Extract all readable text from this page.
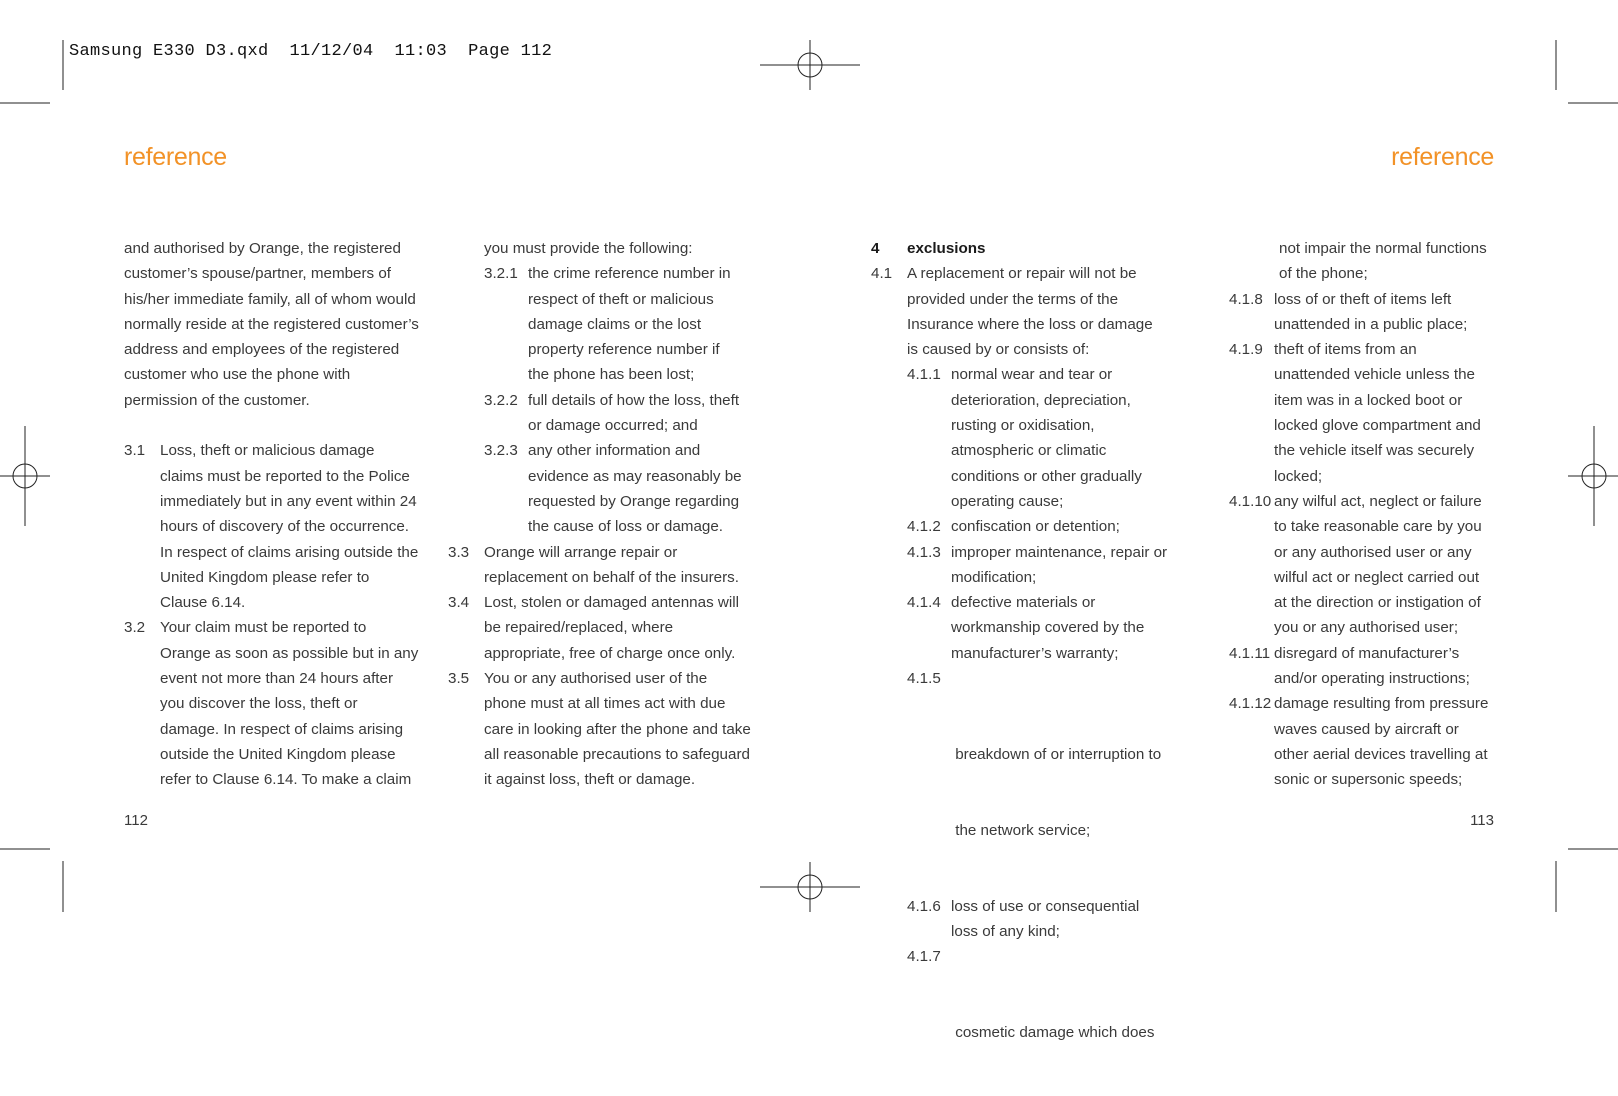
Samsung E330 D3.qxd  11/12/04  11:03  Page 112
reference	reference
112	113
and authorised by Orange, the registered
customer’s spouse/partner, members of
his/her immediate family, all of whom would
normally reside at the registered customer’s
address and employees of the registered
customer who use the phone with
permission of the customer.
3.1 Loss, theft or malicious damage
claims must be reported to the Police
immediately but in any event within 24
hours of discovery of the occurrence.
In respect of claims arising outside the
United Kingdom please refer to
Clause 6.14.
3.2 Your claim must be reported to
Orange as soon as possible but in any
event not more than 24 hours after
you discover the loss, theft or
damage. In respect of claims arising
outside the United Kingdom please
refer to Clause 6.14. To make a claim
you must provide the following:
3.2.1 the crime reference number in
respect of theft or malicious
damage claims or the lost
property reference number if
the phone has been lost;
3.2.2 full details of how the loss, theft
or damage occurred; and
3.2.3 any other information and
evidence as may reasonably be
requested by Orange regarding
the cause of loss or damage.
3.3 Orange will arrange repair or
replacement on behalf of the insurers.
3.4 Lost, stolen or damaged antennas will
be repaired/replaced, where
appropriate, free of charge once only.
3.5 You or any authorised user of the
phone must at all times act with due
care in looking after the phone and take
all reasonable precautions to safeguard
it against loss, theft or damage.
4 exclusions
4.1 A replacement or repair will not be
provided under the terms of the
Insurance where the loss or damage
is caused by or consists of:
4.1.1 normal wear and tear or
deterioration, depreciation,
rusting or oxidisation,
atmospheric or climatic
conditions or other gradually
operating cause;
4.1.2 confiscation or detention;
4.1.3 improper maintenance, repair or
modification;
4.1.4 defective materials or
workmanship covered by the
manufacturer’s warranty;

4.1.5

breakdown of or interruption to

the network service;

4.1.6 loss of use or consequential
loss of any kind;

4.1.7

cosmetic damage which does

not impair the normal functions
of the phone;
4.1.8 loss of or theft of items left
unattended in a public place;
4.1.9 theft of items from an
unattended vehicle unless the
item was in a locked boot or
locked glove compartment and
the vehicle itself was securely
locked;
4.1.10 any wilful act, neglect or failure
to take reasonable care by you
or any authorised user or any
wilful act or neglect carried out
at the direction or instigation of
you or any authorised user;
4.1.11 disregard of manufacturer’s
and/or operating instructions;
4.1.12 damage resulting from pressure
waves caused by aircraft or
other aerial devices travelling at
sonic or supersonic speeds;
